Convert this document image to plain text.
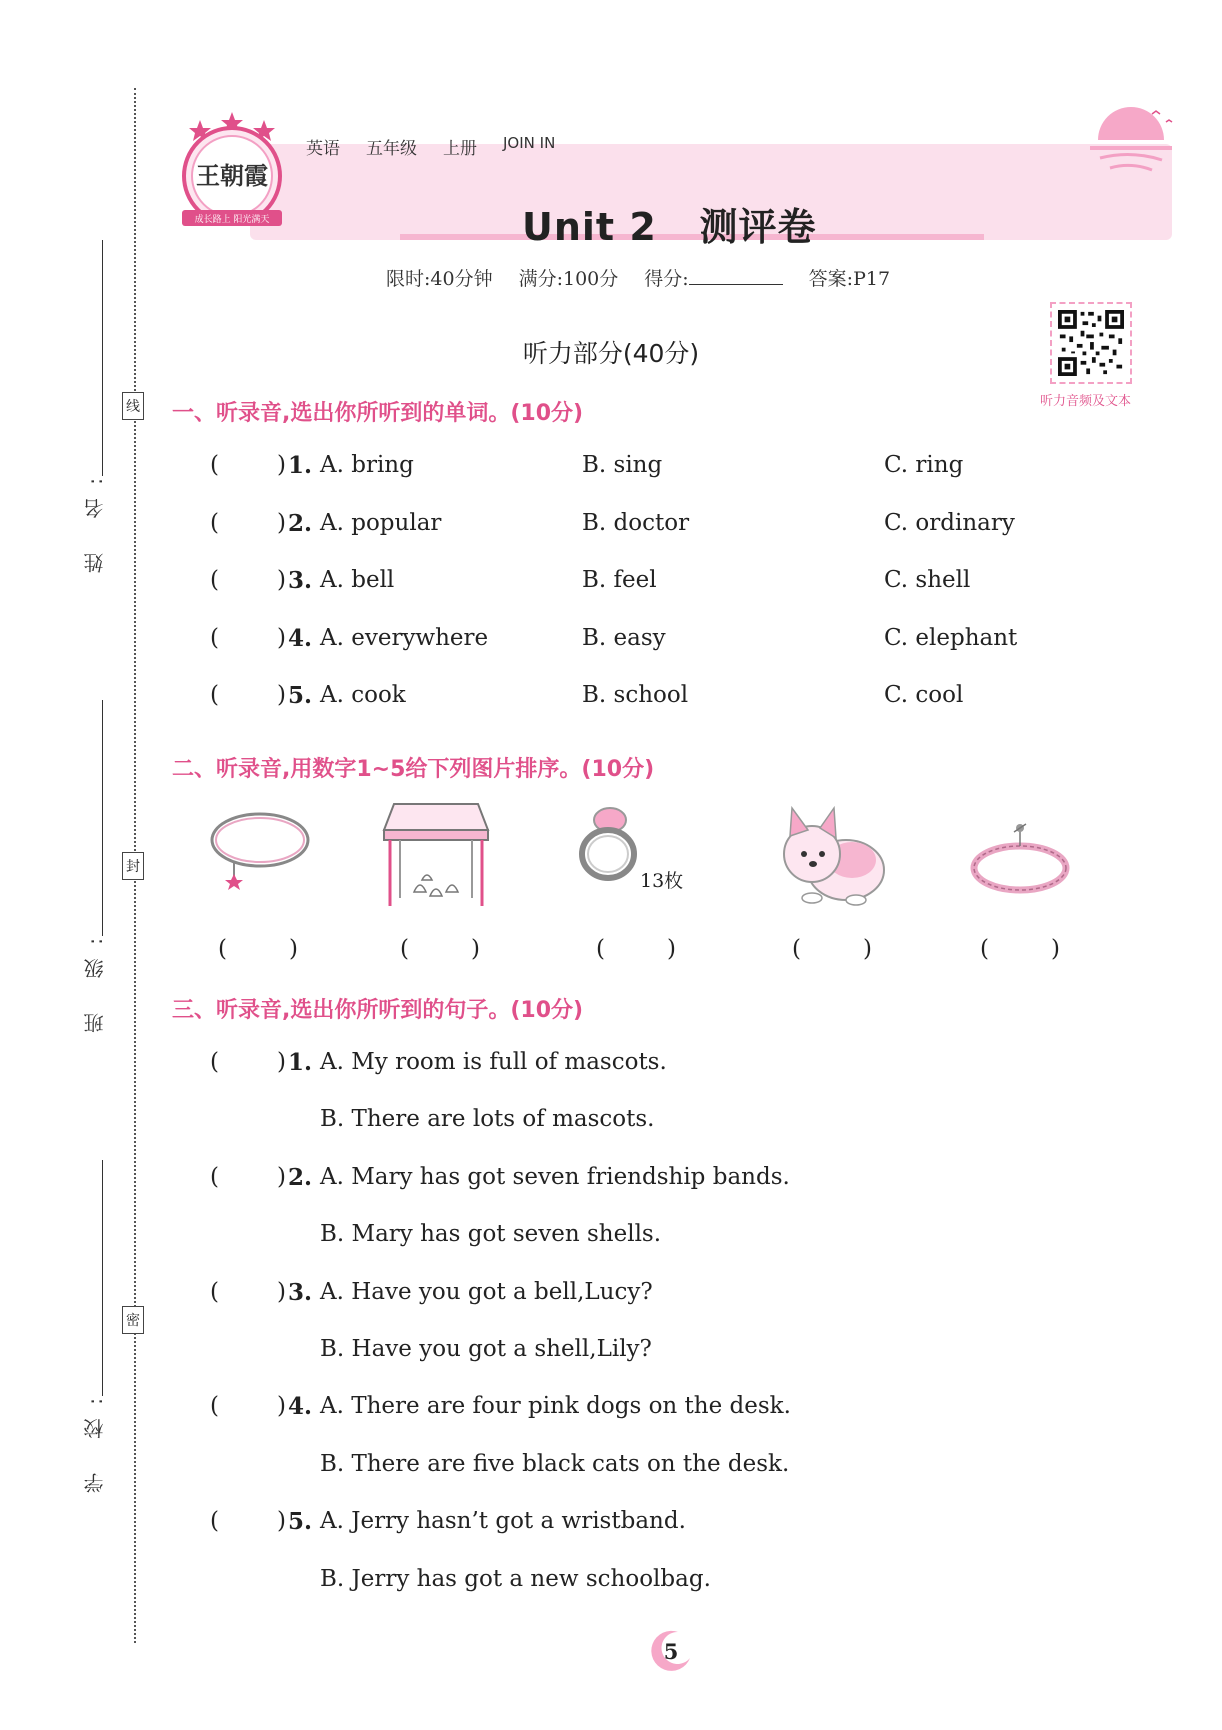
线
封
密
姓 名:
班 级:
学 校:
王朝霞
成长路上 阳光满天
英语 五年级 上册 JOIN IN
Unit 2   测评卷
限时:40分钟 满分:100分 得分:	答案:P17
听力音频及文本
听力部分(40分)
一、听录音,选出你所听到的单词。(10分)
1. A. bring	B. sing	C. ring
2. A. popular	B. doctor	C. ordinary
3. A. bell	B. feel	C. shell
4. A. everywhere	B. easy	C. elephant
5. A. cook	B. school	C. cool
二、听录音,用数字1~5给下列图片排序。(10分)
13枚
三、听录音,选出你所听到的句子。(10分)
1. A. My room is full of mascots.
B. There are lots of mascots.
2. A. Mary has got seven friendship bands.
B. Mary has got seven shells.
3. A. Have you got a bell,Lucy?
B. Have you got a shell,Lily?
4. A. There are four pink dogs on the desk.
B. There are five black cats on the desk.
5. A. Jerry hasn’t got a wristband.
B. Jerry has got a new schoolbag.
5
